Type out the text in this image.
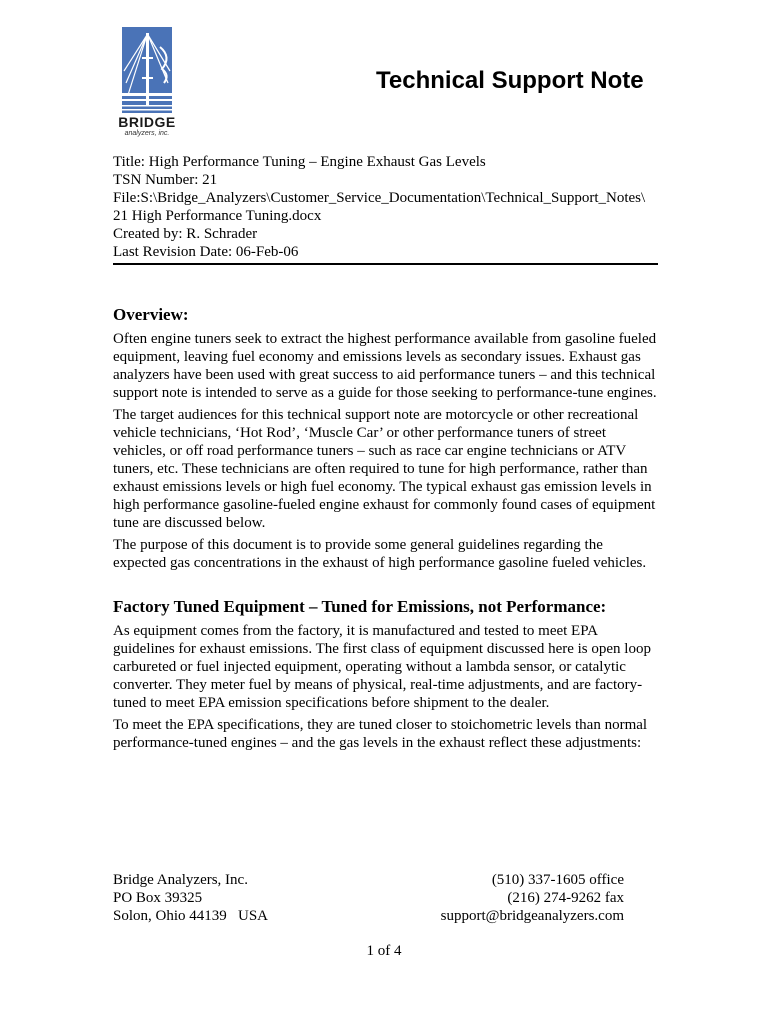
BRIDGE
analyzers, inc.
Technical Support Note
Title: High Performance Tuning – Engine Exhaust Gas Levels
TSN Number: 21
File:S:\Bridge_Analyzers\Customer_Service_Documentation\Technical_Support_Notes\
21 High Performance Tuning.docx
Created by: R. Schrader
Last Revision Date: 06-Feb-06
Overview:

Often engine tuners seek to extract the highest performance available from gasoline fueled equipment, leaving fuel economy and emissions levels as secondary issues. Exhaust gas analyzers have been used with great success to aid performance tuners – and this technical support note is intended to serve as a guide for those seeking to performance-tune engines.

The target audiences for this technical support note are motorcycle or other recreational vehicle technicians, ‘Hot Rod’, ‘Muscle Car’ or other performance tuners of street vehicles, or off road performance tuners – such as race car engine technicians or ATV tuners, etc. These technicians are often required to tune for high performance, rather than exhaust emissions levels or high fuel economy. The typical exhaust gas emission levels in high performance gasoline-fueled engine exhaust for commonly found cases of equipment tune are discussed below.

The purpose of this document is to provide some general guidelines regarding the expected gas concentrations in the exhaust of high performance gasoline fueled vehicles.

Factory Tuned Equipment – Tuned for Emissions, not Performance:

As equipment comes from the factory, it is manufactured and tested to meet EPA guidelines for exhaust emissions. The first class of equipment discussed here is open loop carbureted or fuel injected equipment, operating without a lambda sensor, or catalytic converter. They meter fuel by means of physical, real-time adjustments, and are factory-tuned to meet EPA emission specifications before shipment to the dealer.

To meet the EPA specifications, they are tuned closer to stoichometric levels than normal performance-tuned engines – and the gas levels in the exhaust reflect these adjustments:

Bridge Analyzers, Inc.
PO Box 39325
Solon, Ohio 44139   USA
(510) 337-1605 office
(216) 274-9262 fax
support@bridgeanalyzers.com
1 of 4
